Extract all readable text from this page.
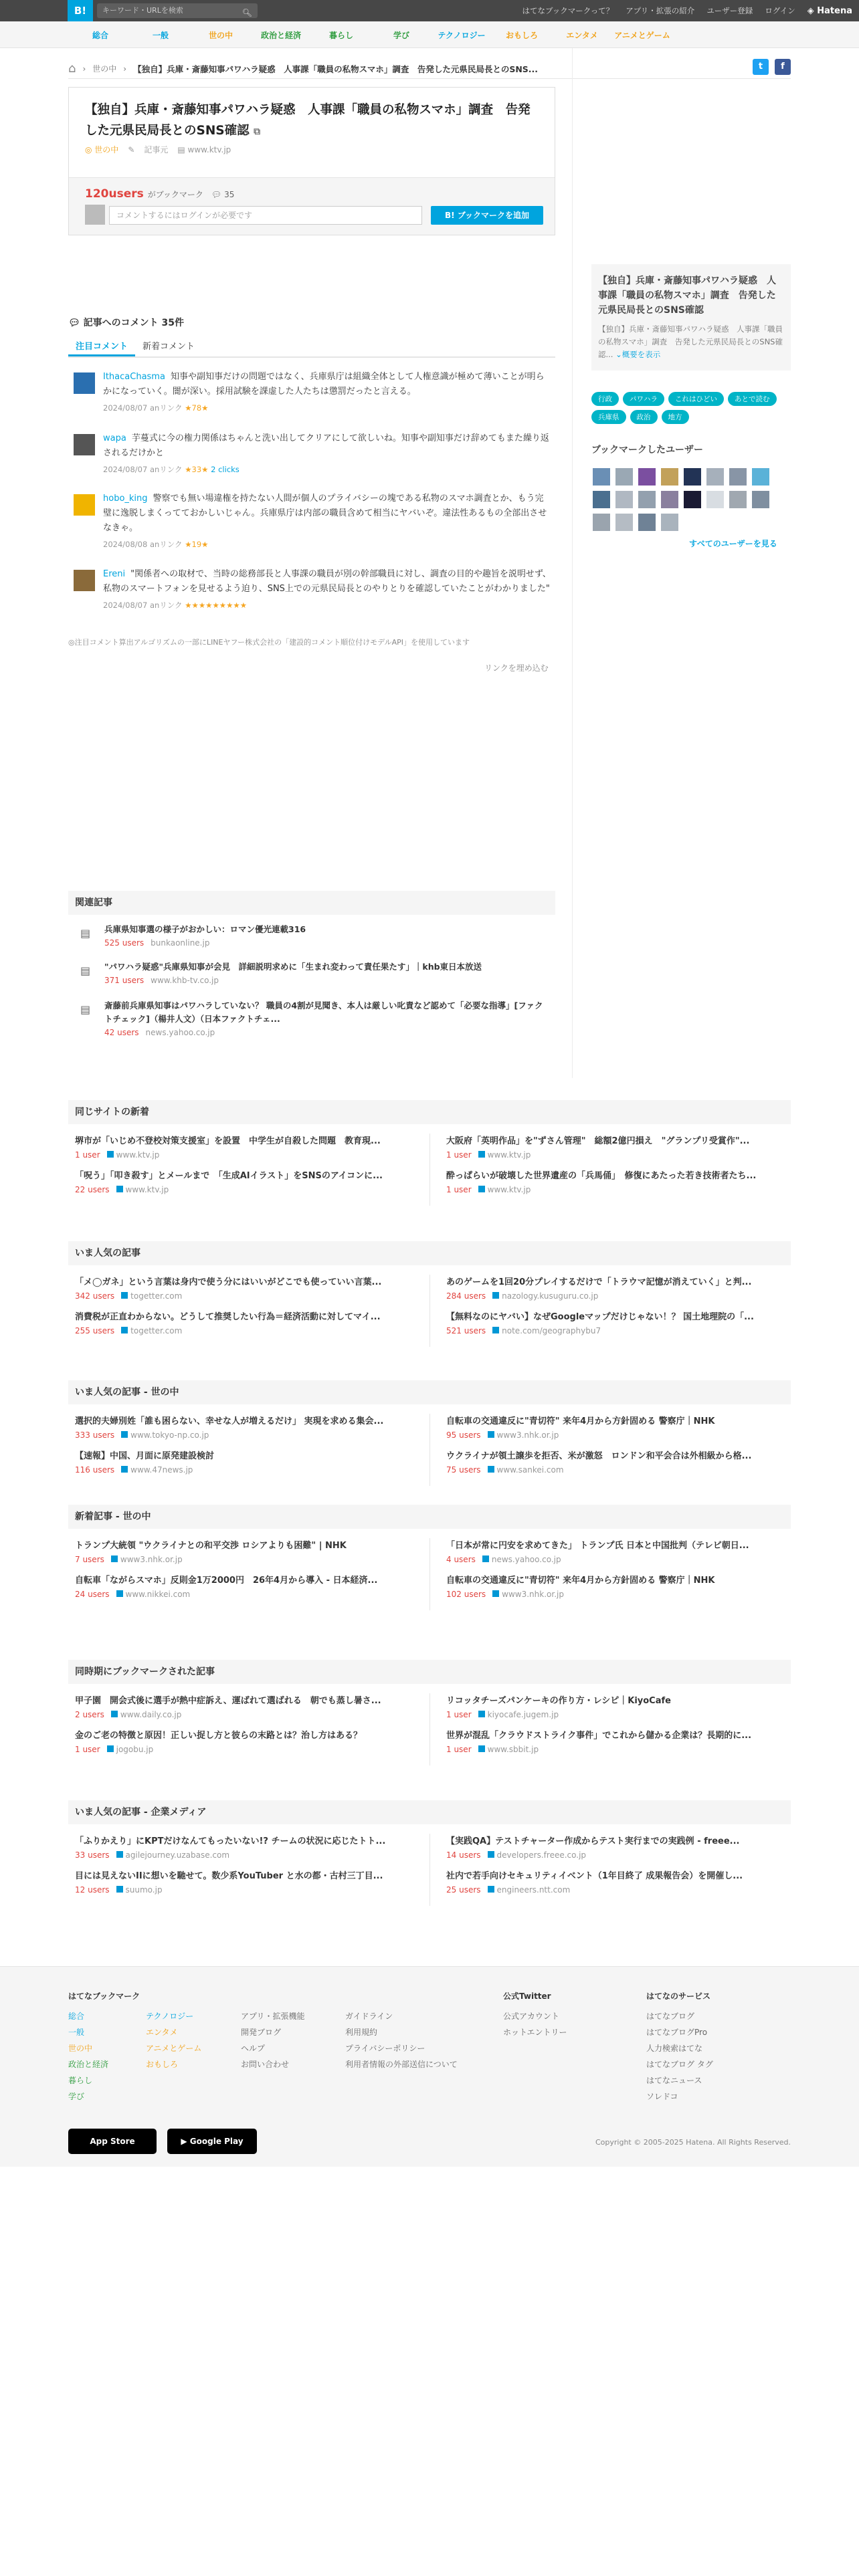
B!	キーワード・URLを検索	🔍︎	はてなブックマークって？ アプリ・拡張の紹介 ユーザー登録 ログイン ◈ Hatena
総合	一般	世の中	政治と経済	暮らし	学び	テクノロジー	おもしろ	エンタメ	アニメとゲーム
⌂ › 世の中 › 【独自】兵庫・斎藤知事パワハラ疑惑　人事課「職員の私物スマホ」調査　告発した元県民局長とのSNS...	t	f
【独自】兵庫・斎藤知事パワハラ疑惑　人事課「職員の私物スマホ」調査　告発した元県民局長とのSNS確認 ⧉
◎ 世の中 ✎ 記事元 ▤ www.ktv.jp
120users がブックマーク 💬︎ 35
コメントするにはログインが必要です	B! ブックマークを追加
【独自】兵庫・斎藤知事パワハラ疑惑　人事課「職員の私物スマホ」調査　告発した元県民局長とのSNS確認
【独自】兵庫・斎藤知事パワハラ疑惑　人事課「職員の私物スマホ」調査　告発した元県民局長とのSNS確認... ⌄概要を表示
行政	パワハラ	これはひどい	あとで読む
兵庫県	政治	地方
ブックマークしたユーザー
すべてのユーザーを見る
💬︎ 記事へのコメント 35件
注目コメント	新着コメント
IthacaChasma 知事や副知事だけの問題ではなく、兵庫県庁は組織全体として人権意識が極めて薄いことが明らかになっていく。闇が深い。採用試験を課虚した人たちは懲罰だったと言える。
2024/08/07 anリンク ★78★
wapa 芋蔓式に今の権力関係はちゃんと洗い出してクリアにして欲しいね。知事や副知事だけ辞めてもまた繰り返されるだけかと
2024/08/07 anリンク ★33★ 2 clicks
hobo_king 警察でも無い場違権を持たない人間が個人のプライバシーの塊である私物のスマホ調査とか、もう完璧に逸脱しまくってておかしいじゃん。兵庫県庁は内部の職員含めて相当にヤバいぞ。違法性あるもの全部出させなきゃ。
2024/08/08 anリンク ★19★
Ereni "関係者への取材で、当時の総務部長と人事課の職員が別の幹部職員に対し、調査の目的や趣旨を説明せず、私物のスマートフォンを見せるよう迫り、SNS上での元県民局長とのやりとりを確認していたことがわかりました"
2024/08/07 anリンク ★★★★★★★★★
◎注目コメント算出アルゴリズムの一部にLINEヤフー株式会社の「建設的コメント順位付けモデルAPI」を使用しています
リンクを埋め込む
関連記事
▤ 兵庫県知事選の様子がおかしい：ロマン優光連載316
525 users bunkaonline.jp
▤ "パワハラ疑惑"兵庫県知事が会見　詳細説明求めに「生まれ変わって責任果たす」｜khb東日本放送
371 users www.khb-tv.co.jp
▤ 斎藤前兵庫県知事はパワハラしていない？ 職員の4割が見聞き、本人は厳しい叱責など認めて「必要な指導」[ファクトチェック]（楊井人文）（日本ファクトチェ...
42 users news.yahoo.co.jp
同じサイトの新着
堺市が「いじめ不登校対策支援室」を設置　中学生が自殺した問題　教育現...
1 user www.ktv.jp
「呪う」「叩き殺す」とメールまで　「生成AIイラスト」をSNSのアイコンに...
22 users www.ktv.jp
大阪府「英明作品」を"ずさん管理"　総額2億円損え　"グランプリ受賞作"...
1 user www.ktv.jp
酔っぱらいが破壊した世界遺産の「兵馬俑」　修復にあたった若き技術者たち...
1 user www.ktv.jp
いま人気の記事
「メ◯ガネ」という言葉は身内で使う分にはいいがどこでも使っていい言葉...
342 users togetter.com
消費税が正直わからない。どうして推奨したい行為＝経済活動に対してマイ...
255 users togetter.com
あのゲームを1回20分プレイするだけで「トラウマ記憶が消えていく」と判...
284 users nazology.kusuguru.co.jp
【無料なのにヤバい】なぜGoogleマップだけじゃない！？ 国土地理院の「...
521 users note.com/geographybu7
いま人気の記事 - 世の中
選択的夫婦別姓「誰も困らない、幸せな人が増えるだけ」 実現を求める集会...
333 users www.tokyo-np.co.jp
【速報】中国、月面に原発建設検討
116 users www.47news.jp
自転車の交通違反に"青切符" 来年4月から方針固める 警察庁｜NHK
95 users www3.nhk.or.jp
ウクライナが領土譲歩を拒否、米が激怒　ロンドン和平会合は外相級から格...
75 users www.sankei.com
新着記事 - 世の中
トランプ大統領 "ウクライナとの和平交渉 ロシアよりも困難" | NHK
7 users www3.nhk.or.jp
自転車「ながらスマホ」反則金1万2000円　26年4月から導入 - 日本経済...
24 users www.nikkei.com
「日本が常に円安を求めてきた」 トランプ氏 日本と中国批判（テレビ朝日...
4 users news.yahoo.co.jp
自転車の交通違反に"青切符" 来年4月から方針固める 警察庁｜NHK
102 users www3.nhk.or.jp
同時期にブックマークされた記事
甲子園　開会式後に選手が熱中症訴え、運ばれて選ばれる　朝でも蒸し暑さ...
2 users www.daily.co.jp
金のご老の特徴と原因！正しい捉し方と彼らの末路とは？治し方はある？
1 user jogobu.jp
リコッタチーズパンケーキの作り方・レシピ｜KiyoCafe
1 user kiyocafe.jugem.jp
世界が混乱「クラウドストライク事件」でこれから儲かる企業は？長期的に...
1 user www.sbbit.jp
いま人気の記事 - 企業メディア
「ふりかえり」にKPTだけなんてもったいない!? チームの状況に応じたトト...
33 users agilejourney.uzabase.com
目には見えないIIに想いを馳せて。数少系YouTuber と水の都・古村三丁目...
12 users suumo.jp
【実践QA】テストチャーター作成からテスト実行までの実践例 - freee...
14 users developers.freee.co.jp
社内で若手向けセキュリティイベント（1年目終了 成果報告会）を開催し...
25 users engineers.ntt.com
はてなブックマーク
総合
一般
世の中
政治と経済
暮らし
学び
テクノロジー
エンタメ
アニメとゲーム
おもしろ
アプリ・拡張機能
開発ブログ
ヘルプ
お問い合わせ
ガイドライン
利用規約
プライバシーポリシー
利用者情報の外部送信について
公式Twitter
公式アカウント
ホットエントリー
はてなのサービス
はてなブログ
はてなブログPro
人力検索はてな
はてなブログ タグ
はてなニュース
ソレドコ
App Store	▶ Google Play	Copyright © 2005-2025 Hatena. All Rights Reserved.
